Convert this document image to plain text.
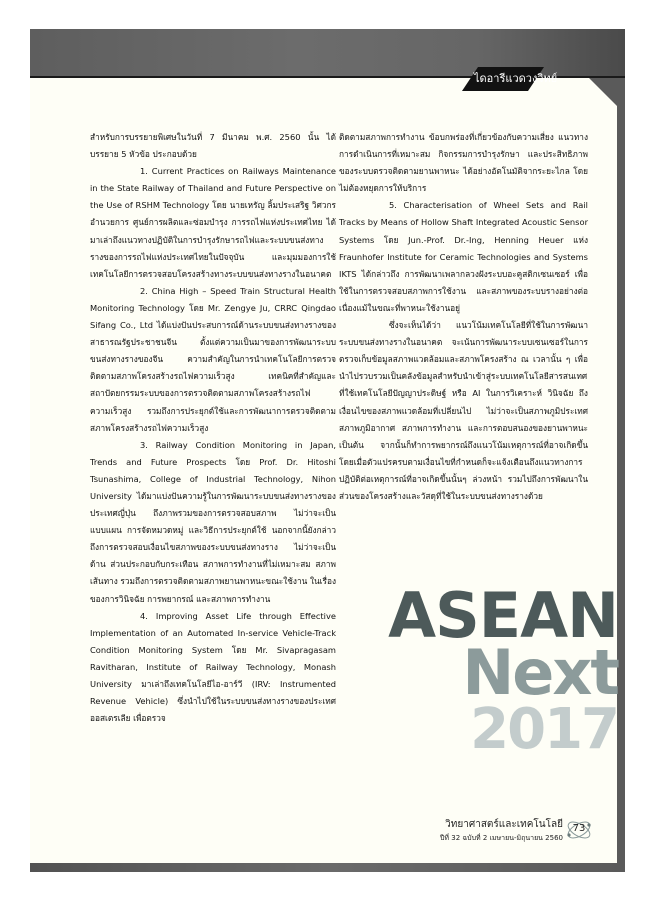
ไดอารีแวดวงวิทย์

สำหรับการบรรยายพิเศษในวันที่ 7 มีนาคม พ.ศ. 2560 นั้น ได้บรรยาย 5 หัวข้อ ประกอบด้วย

1. Current Practices on Railways Maintenance in the State Railway of Thailand and Future Perspective on the Use of RSHM Technology โดย นายเหรัญ ลิ้มประเสริฐ วิศวกรอำนวยการ ศูนย์การผลิตและซ่อมบำรุง การรถไฟแห่งประเทศไทย ได้มาเล่าถึงแนวทางปฏิบัติในการบำรุงรักษารถไฟและระบบขนส่งทางรางของการรถไฟแห่งประเทศไทยในปัจจุบัน และมุมมองการใช้เทคโนโลยีการตรวจสอบโครงสร้างทางระบบขนส่งทางรางในอนาคต

2. China High – Speed Train Structural Health Monitoring Technology โดย Mr. Zengye Ju, CRRC Qingdao Sifang Co., Ltd ได้แบ่งปันประสบการณ์ด้านระบบขนส่งทางรางของสาธารณรัฐประชาชนจีน ตั้งแต่ความเป็นมาของการพัฒนาระบบขนส่งทางรางของจีน ความสำคัญในการนำเทคโนโลยีการตรวจติดตามสภาพโครงสร้างรถไฟความเร็วสูง เทคนิคที่สำคัญและสถาปัตยกรรมระบบของการตรวจติดตามสภาพโครงสร้างรถไฟความเร็วสูง รวมถึงการประยุกต์ใช้และการพัฒนาการตรวจติดตามสภาพโครงสร้างรถไฟความเร็วสูง

3. Railway Condition Monitoring in Japan, Trends and Future Prospects โดย Prof. Dr. Hitoshi Tsunashima, College of Industrial Technology, Nihon University ได้มาแบ่งปันความรู้ในการพัฒนาระบบขนส่งทางรางของประเทศญี่ปุ่น ถึงภาพรวมของการตรวจสอบสภาพ ไม่ว่าจะเป็น แบบแผน การจัดหมวดหมู่ และวิธีการประยุกต์ใช้ นอกจากนี้ยังกล่าวถึงการตรวจสอบเงื่อนไขสภาพของระบบขนส่งทางราง ไม่ว่าจะเป็นด้าน ส่วนประกอบกับกระเทือน สภาพการทำงานที่ไม่เหมาะสม สภาพเส้นทาง รวมถึงการตรวจติดตามสภาพยานพาหนะขณะใช้งาน ในเรื่องของการวินิจฉัย การพยากรณ์ และสภาพการทำงาน

4. Improving Asset Life through Effective Implementation of an Automated In-service Vehicle-Track Condition Monitoring System โดย Mr. Sivapragasam Ravitharan, Institute of Railway Technology, Monash University มาเล่าถึงเทคโนโลยีไอ-อาร์วี (IRV: Instrumented Revenue Vehicle) ซึ่งนำไปใช้ในระบบขนส่งทางรางของประเทศออสเตรเลีย เพื่อตรวจ

ติดตามสภาพการทำงาน ข้อบกพร่องที่เกี่ยวข้องกับความเสี่ยง แนวทางการดำเนินการที่เหมาะสม กิจกรรมการบำรุงรักษา และประสิทธิภาพของระบบตรวจติดตามยานพาหนะ ได้อย่างอัตโนมัติจากระยะไกล โดยไม่ต้องหยุดการให้บริการ

5. Characterisation of Wheel Sets and Rail Tracks by Means of Hollow Shaft Integrated Acoustic Sensor Systems โดย Jun.-Prof. Dr.-Ing, Henning Heuer แห่ง Fraunhofer Institute for Ceramic Technologies and Systems IKTS ได้กล่าวถึง การพัฒนาเพลากลวงฝังระบบอะคูสติกเซนเซอร์ เพื่อใช้ในการตรวจสอบสภาพการใช้งาน และสภาพของระบบรางอย่างต่อเนื่องแม้ในขณะที่พาหนะใช้งานอยู่

ซึ่งจะเห็นได้ว่า แนวโน้มเทคโนโลยีที่ใช้ในการพัฒนาระบบขนส่งทางรางในอนาคต จะเน้นการพัฒนาระบบเซนเซอร์ในการตรวจเก็บข้อมูลสภาพแวดล้อมและสภาพโครงสร้าง ณ เวลานั้น ๆ เพื่อนำไปรวบรวมเป็นคลังข้อมูลสำหรับนำเข้าสู่ระบบเทคโนโลยีสารสนเทศ ที่ใช้เทคโนโลยีปัญญาประดิษฐ์ หรือ AI ในการวิเคราะห์ วินิจฉัย ถึงเงื่อนไขของสภาพแวดล้อมที่เปลี่ยนไป ไม่ว่าจะเป็นสภาพภูมิประเทศ สภาพภูมิอากาศ สภาพการทำงาน และการตอบสนองของยานพาหนะ เป็นต้น จากนั้นก็ทำการพยากรณ์ถึงแนวโน้มเหตุการณ์ที่อาจเกิดขึ้น โดยเมื่อตัวแปรครบตามเงื่อนไขที่กำหนดก็จะแจ้งเตือนถึงแนวทางการปฏิบัติต่อเหตุการณ์ที่อาจเกิดขึ้นนั้นๆ ล่วงหน้า รวมไปถึงการพัฒนาในส่วนของโครงสร้างและวัสดุที่ใช้ในระบบขนส่งทางรางด้วย

ASEAN
Next
2017
วิทยาศาสตร์และเทคโนโลยี
ปีที่ 32 ฉบับที่ 2 เมษายน-มิถุนายน 2560
73
